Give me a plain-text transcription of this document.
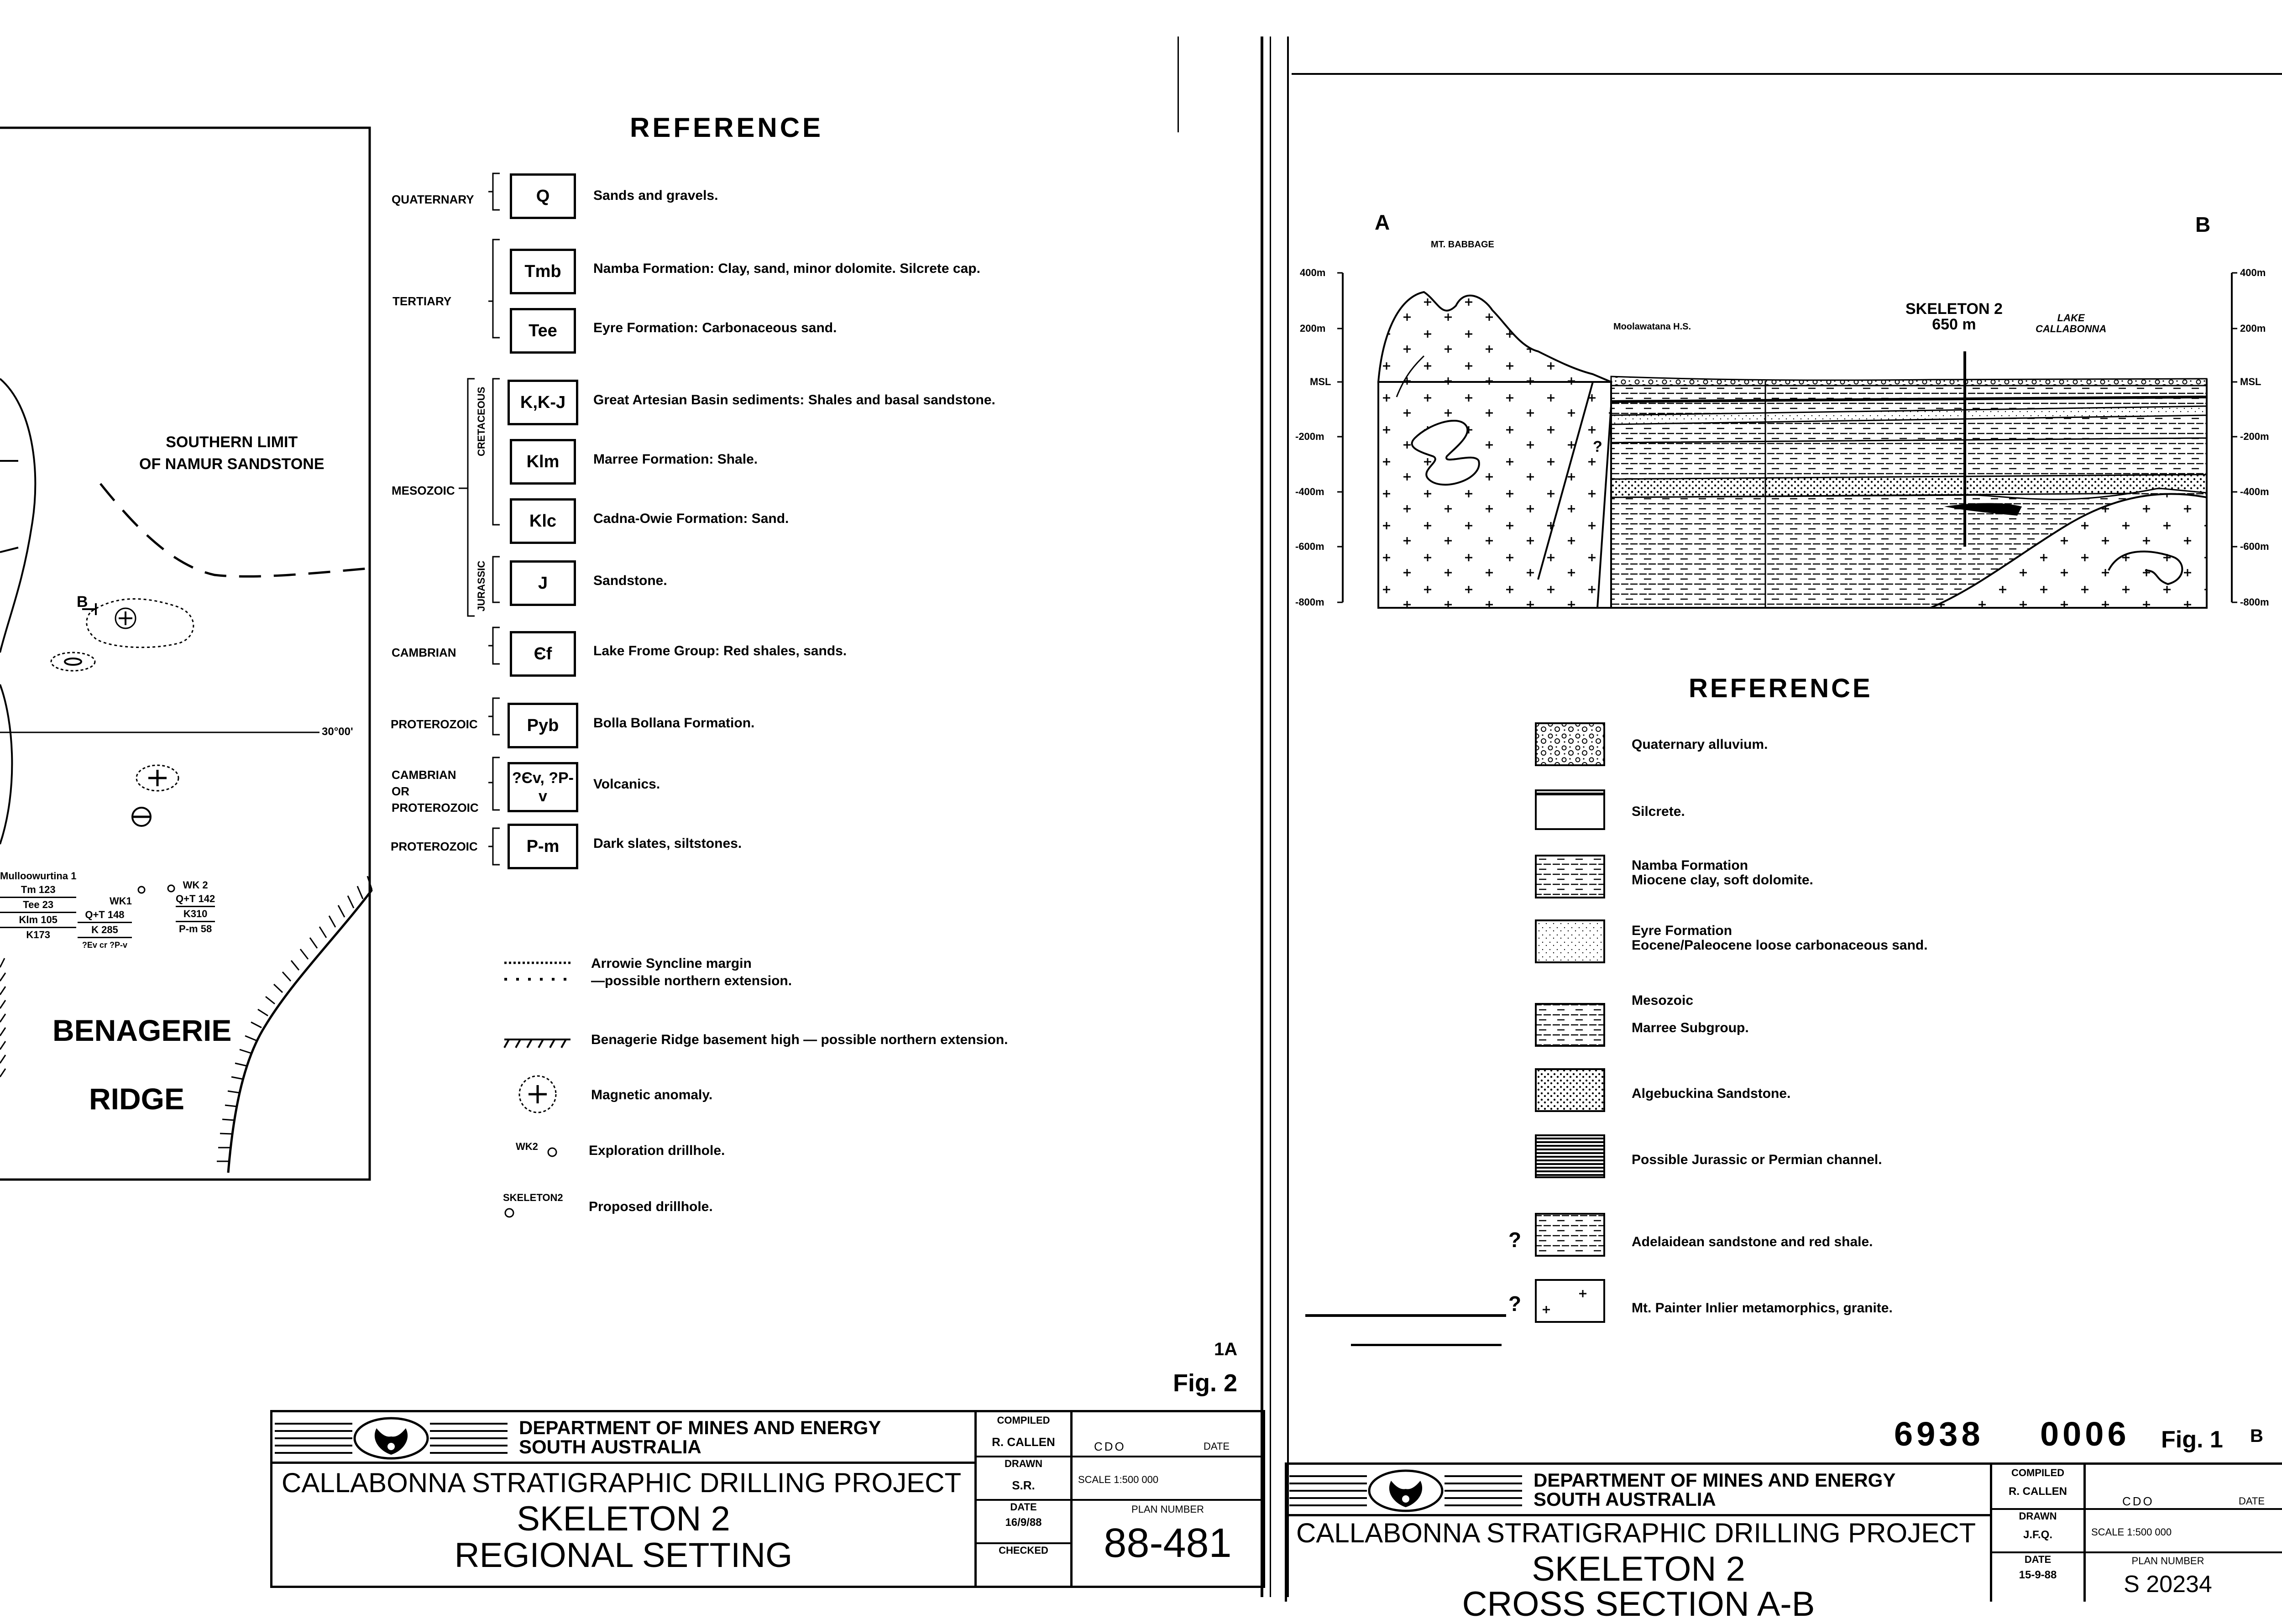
SOUTHERN LIMIT
OF NAMUR SANDSTONE
B
30°00'
BENAGERIE
RIDGE
Mulloowurtina 1
Tm 123
Tee 23
Klm 105
K173
WK1
Q+T 148
K 285
?Ev cr ?P-v
WK 2
Q+T 142
K310
P-m 58
REFERENCE
CRETACEOUS
JURASSIC
QUATERNARY
TERTIARY
MESOZOIC
CAMBRIAN
PROTEROZOIC
CAMBRIAN OR PROTEROZOIC
PROTEROZOIC
Q
Tmb
Tee
K,K-J
Klm
Klc
J
Єf
Pyb
?Єv, ?P-v
P-m
Sands and gravels.
Namba Formation: Clay, sand, minor dolomite. Silcrete cap.
Eyre Formation: Carbonaceous sand.
Great Artesian Basin sediments: Shales and basal sandstone.
Marree Formation: Shale.
Cadna-Owie Formation: Sand.
Sandstone.
Lake Frome Group: Red shales, sands.
Bolla Bollana Formation.
Volcanics.
Dark slates, siltstones.
Arrowie Syncline margin
—possible northern extension.
Benagerie Ridge basement high — possible northern extension.
Magnetic anomaly.
WK2	Exploration drillhole.
SKELETON2
Proposed drillhole.
1A
Fig. 2
DEPARTMENT OF MINES AND ENERGY
SOUTH AUSTRALIA
CALLABONNA STRATIGRAPHIC DRILLING PROJECT
SKELETON 2
REGIONAL SETTING
COMPILED
R. CALLEN
DRAWN
S.R.
DATE
16/9/88
CHECKED
CDO	DATE
SCALE 1:500 000
PLAN NUMBER
88-481
A	B
MT. BABBAGE
Moolawatana H.S.
SKELETON 2
650 m	LAKE
CALLABONNA
?
400m
200m
MSL
-200m
-400m
-600m
-800m
400m
200m
MSL
-200m
-400m
-600m
-800m
REFERENCE
Quaternary alluvium.
Silcrete.
Namba Formation
Miocene clay, soft dolomite.
Eyre Formation
Eocene/Paleocene loose carbonaceous sand.
Mesozoic
Marree Subgroup.
Algebuckina Sandstone.
Possible Jurassic or Permian channel.
Adelaidean sandstone and red shale.
Mt. Painter Inlier metamorphics, granite.
?
?
6938 0006 Fig. 1 B
DEPARTMENT OF MINES AND ENERGY
SOUTH AUSTRALIA
CALLABONNA STRATIGRAPHIC DRILLING PROJECT
SKELETON 2
CROSS SECTION A-B
COMPILED
R. CALLEN
DRAWN
J.F.Q.
DATE
15-9-88
CDO	DATE
SCALE 1:500 000
PLAN NUMBER
S 20234
